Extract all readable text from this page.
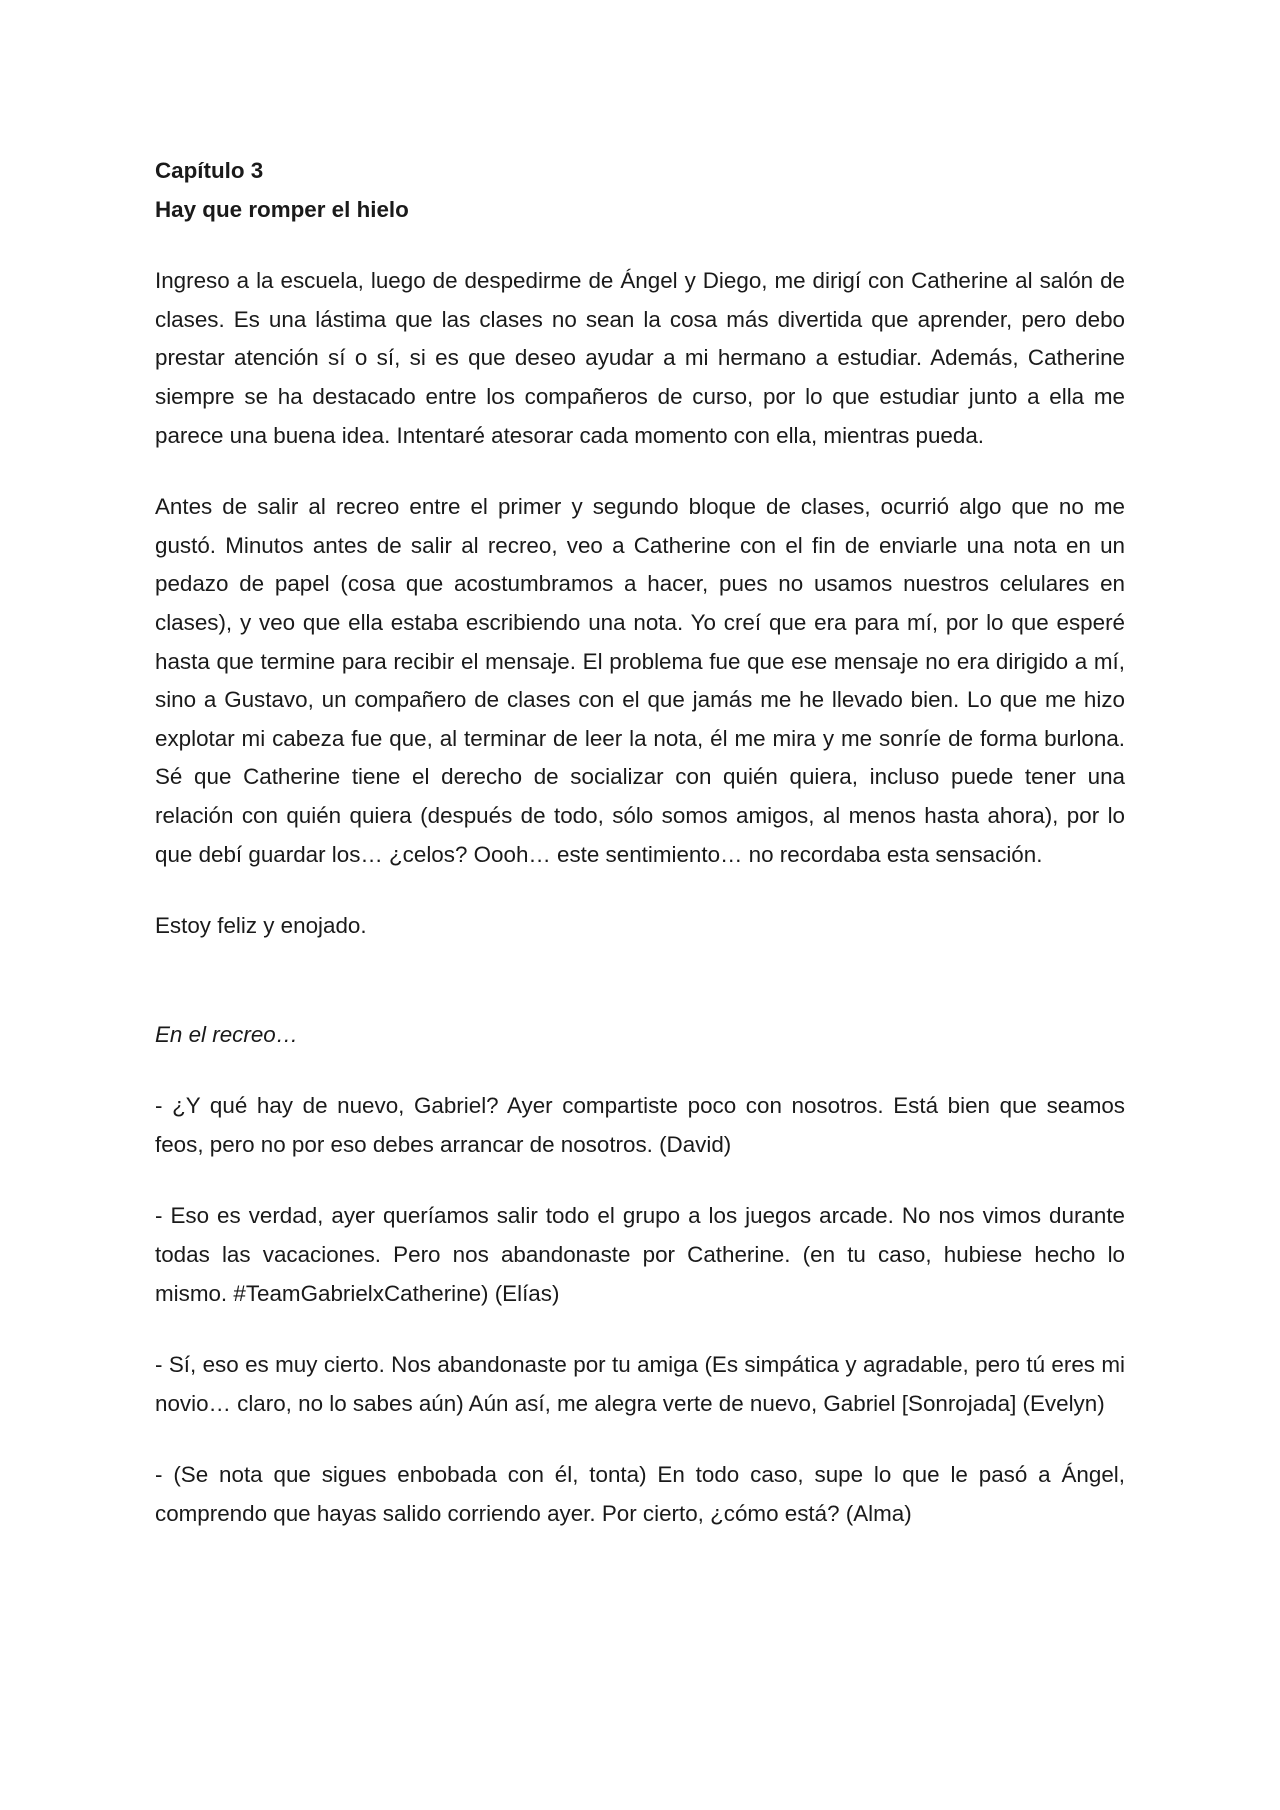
Capítulo 3
Hay que romper el hielo

Ingreso a la escuela, luego de despedirme de Ángel y Diego, me dirigí con Catherine al salón de clases. Es una lástima que las clases no sean la cosa más divertida que aprender, pero debo prestar atención sí o sí, si es que deseo ayudar a mi hermano a estudiar. Además, Catherine siempre se ha destacado entre los compañeros de curso, por lo que estudiar junto a ella me parece una buena idea. Intentaré atesorar cada momento con ella, mientras pueda.

Antes de salir al recreo entre el primer y segundo bloque de clases, ocurrió algo que no me gustó. Minutos antes de salir al recreo, veo a Catherine con el fin de enviarle una nota en un pedazo de papel (cosa que acostumbramos a hacer, pues no usamos nuestros celulares en clases), y veo que ella estaba escribiendo una nota. Yo creí que era para mí, por lo que esperé hasta que termine para recibir el mensaje. El problema fue que ese mensaje no era dirigido a mí, sino a Gustavo, un compañero de clases con el que jamás me he llevado bien. Lo que me hizo explotar mi cabeza fue que, al terminar de leer la nota, él me mira y me sonríe de forma burlona. Sé que Catherine tiene el derecho de socializar con quién quiera, incluso puede tener una relación con quién quiera (después de todo, sólo somos amigos, al menos hasta ahora), por lo que debí guardar los… ¿celos? Oooh… este sentimiento… no recordaba esta sensación.

Estoy feliz y enojado.

En el recreo…

- ¿Y qué hay de nuevo, Gabriel? Ayer compartiste poco con nosotros. Está bien que seamos feos, pero no por eso debes arrancar de nosotros. (David)

- Eso es verdad, ayer queríamos salir todo el grupo a los juegos arcade. No nos vimos durante todas las vacaciones. Pero nos abandonaste por Catherine. (en tu caso, hubiese hecho lo mismo. #TeamGabrielxCatherine) (Elías)

- Sí, eso es muy cierto. Nos abandonaste por tu amiga (Es simpática y agradable, pero tú eres mi novio… claro, no lo sabes aún) Aún así, me alegra verte de nuevo, Gabriel [Sonrojada] (Evelyn)

- (Se nota que sigues enbobada con él, tonta) En todo caso, supe lo que le pasó a Ángel, comprendo que hayas salido corriendo ayer. Por cierto, ¿cómo está? (Alma)
